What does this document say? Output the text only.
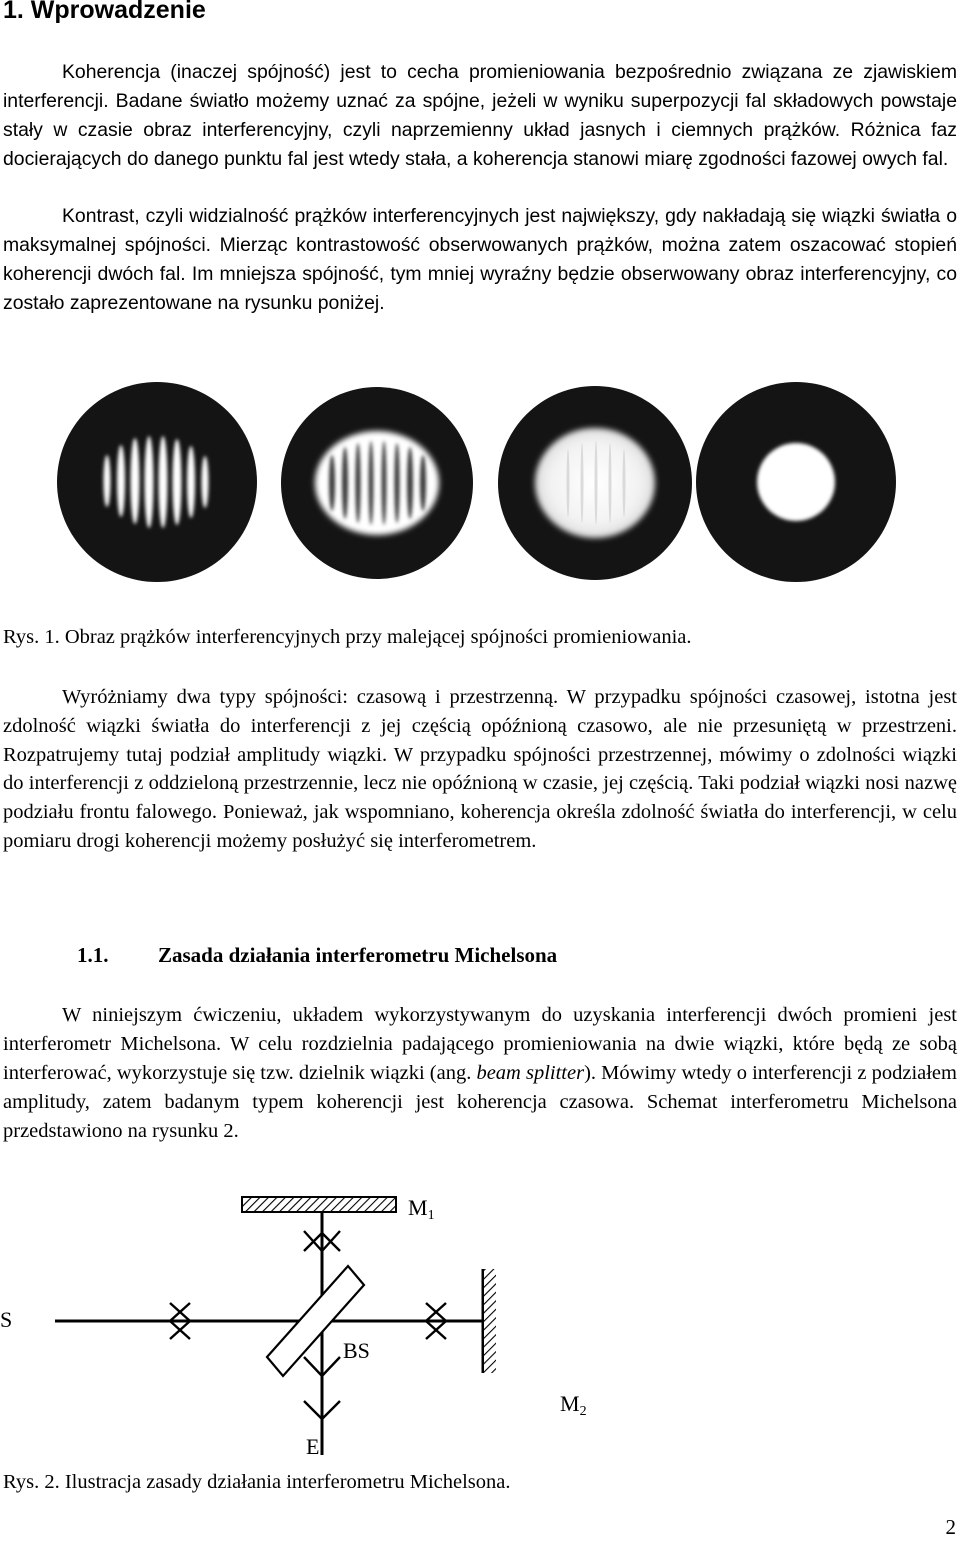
1. Wprowadzenie

Koherencja (inaczej spójność) jest to cecha promieniowania bezpośrednio związana ze zjawiskiem interferencji. Badane światło możemy uznać za spójne, jeżeli w wyniku superpozycji fal składowych powstaje stały w czasie obraz interferencyjny, czyli naprzemienny układ jasnych i ciemnych prążków. Różnica faz docierających do danego punktu fal jest wtedy stała, a koherencja stanowi miarę zgodności fazowej owych fal.

Kontrast, czyli widzialność prążków interferencyjnych jest największy, gdy nakładają się wiązki światła o maksymalnej spójności. Mierząc kontrastowość obserwowanych prążków, można zatem oszacować stopień koherencji dwóch fal. Im mniejsza spójność, tym mniej wyraźny będzie obserwowany obraz interferencyjny, co zostało zaprezentowane na rysunku poniżej.

Rys. 1. Obraz prążków interferencyjnych przy malejącej spójności promieniowania.

Wyróżniamy dwa typy spójności: czasową i przestrzenną. W przypadku spójności czasowej, istotna jest zdolność wiązki światła do interferencji z jej częścią opóźnioną czasowo, ale nie przesuniętą w przestrzeni. Rozpatrujemy tutaj podział amplitudy wiązki. W przypadku spójności przestrzennej, mówimy o zdolności wiązki do interferencji z oddzieloną przestrzennie, lecz nie opóźnioną w czasie, jej częścią. Taki podział wiązki nosi nazwę podziału frontu falowego. Ponieważ, jak wspomniano, koherencja określa zdolność światła do interferencji, w celu pomiaru drogi koherencji możemy posłużyć się interferometrem.

1.1. Zasada działania interferometru Michelsona

W niniejszym ćwiczeniu, układem wykorzystywanym do uzyskania interferencji dwóch promieni jest interferometr Michelsona. W celu rozdzielnia padającego promieniowania na dwie wiązki, które będą ze sobą interferować, wykorzystuje się tzw. dzielnik wiązki (ang. beam splitter). Mówimy wtedy o interferencji z podziałem amplitudy, zatem badanym typem koherencji jest koherencja czasowa. Schemat interferometru Michelsona przedstawiono na rysunku 2.

M1
S
BS
M2
E

Rys. 2. Ilustracja zasady działania interferometru Michelsona.

2
